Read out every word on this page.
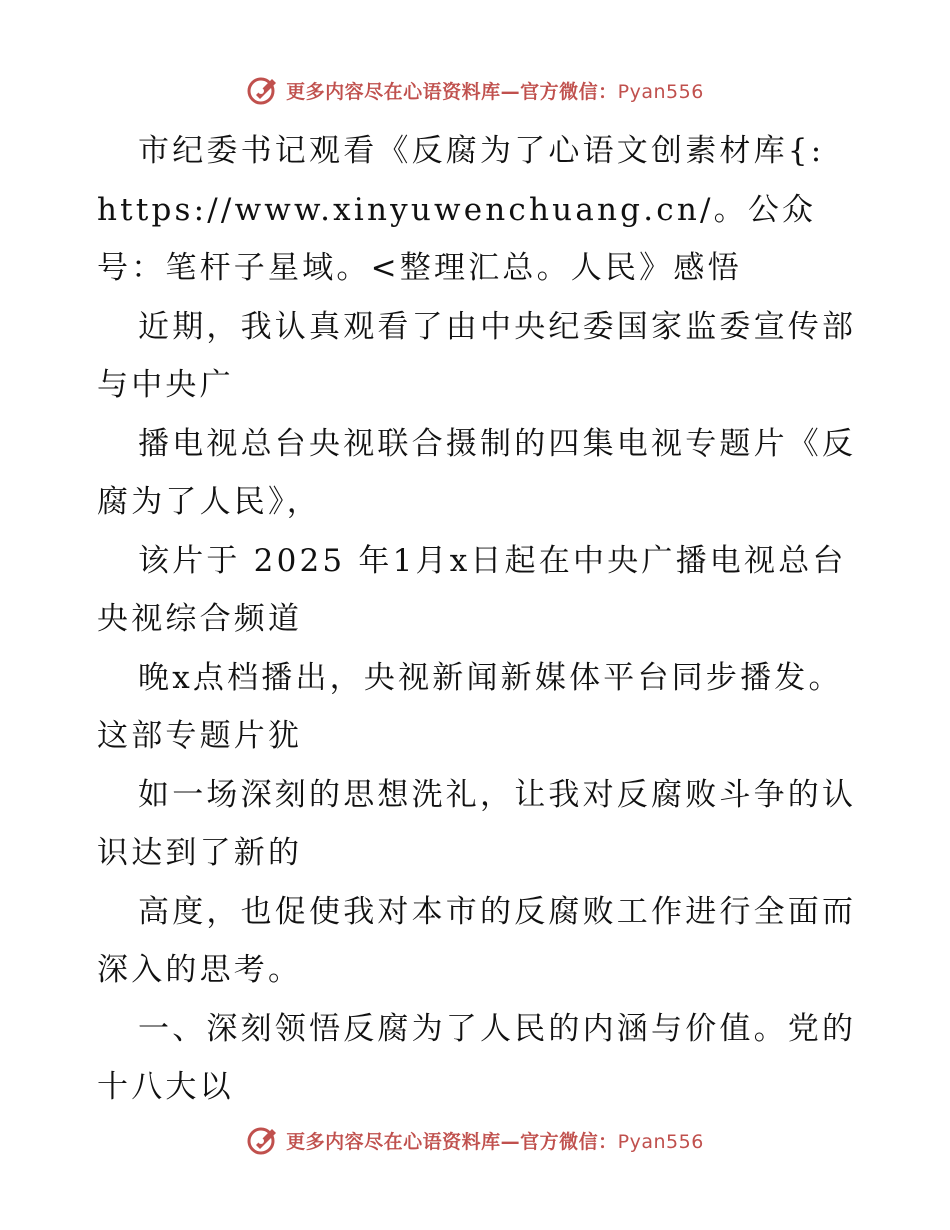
更多内容尽在心语资料库—官方微信：Pyan556

市纪委书记观看《反腐为了心语文创素材库{: https://www.xinyuwenchuang.cn/。公众号：笔杆子星域。<整理汇总。人民》感悟

近期，我认真观看了由中央纪委国家监委宣传部与中央广

播电视总台央视联合摄制的四集电视专题片《反腐为了人民》，

该片于 2025 年1月x日起在中央广播电视总台央视综合频道

晚x点档播出，央视新闻新媒体平台同步播发。这部专题片犹

如一场深刻的思想洗礼，让我对反腐败斗争的认识达到了新的

高度，也促使我对本市的反腐败工作进行全面而深入的思考。

一、深刻领悟反腐为了人民的内涵与价值。党的十八大以

更多内容尽在心语资料库—官方微信：Pyan556
